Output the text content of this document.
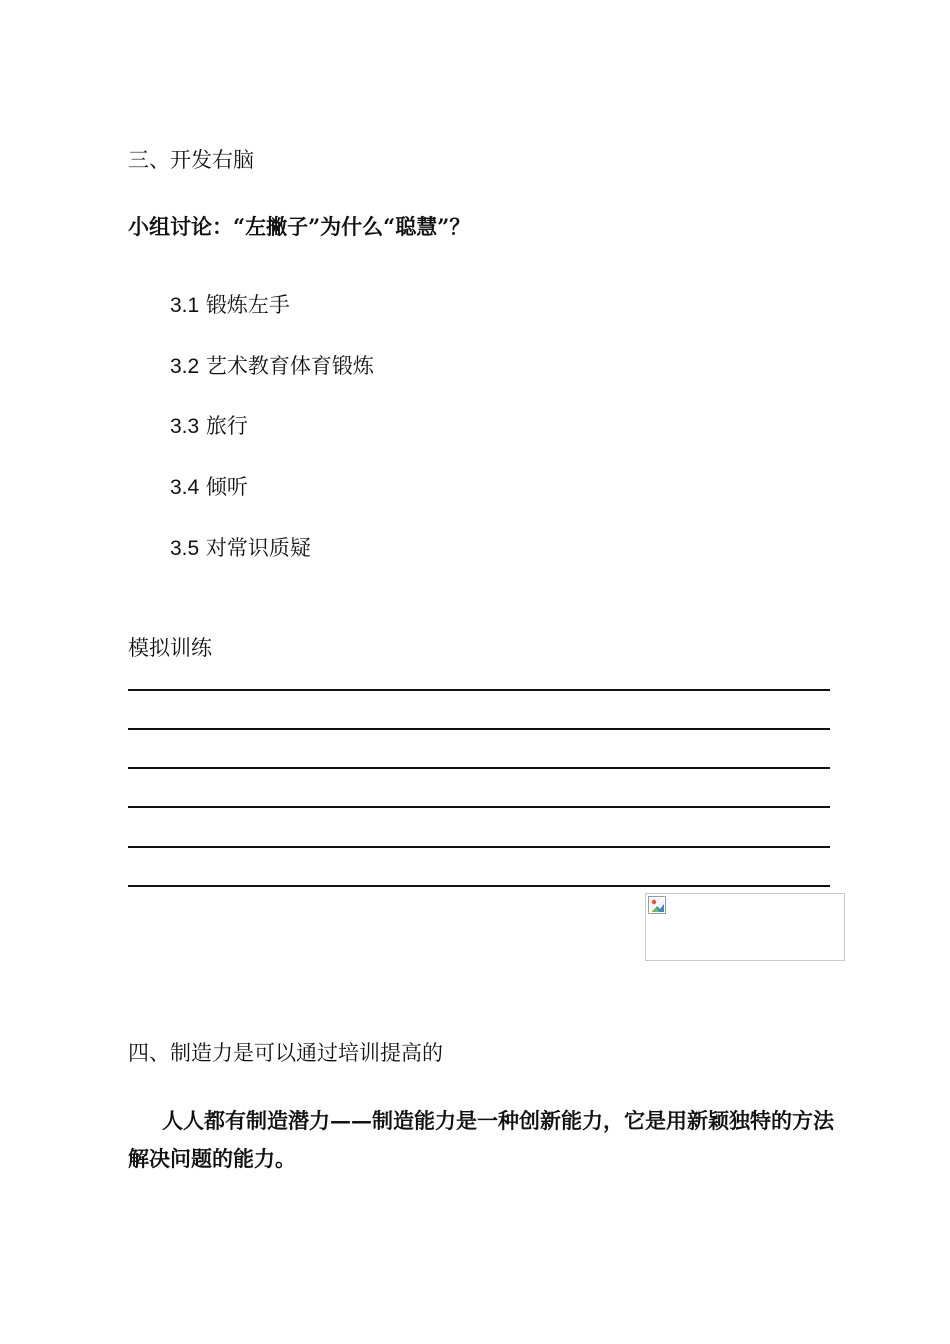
三、开发右脑
小组讨论：“左撇子”为什么“聪慧”？
3.1 锻炼左手
3.2 艺术教育体育锻炼
3.3 旅行
3.4 倾听
3.5 对常识质疑
模拟训练
四、制造力是可以通过培训提高的
人人都有制造潜力——制造能力是一种创新能力，它是用新颖独特的方法解决问题的能力。
